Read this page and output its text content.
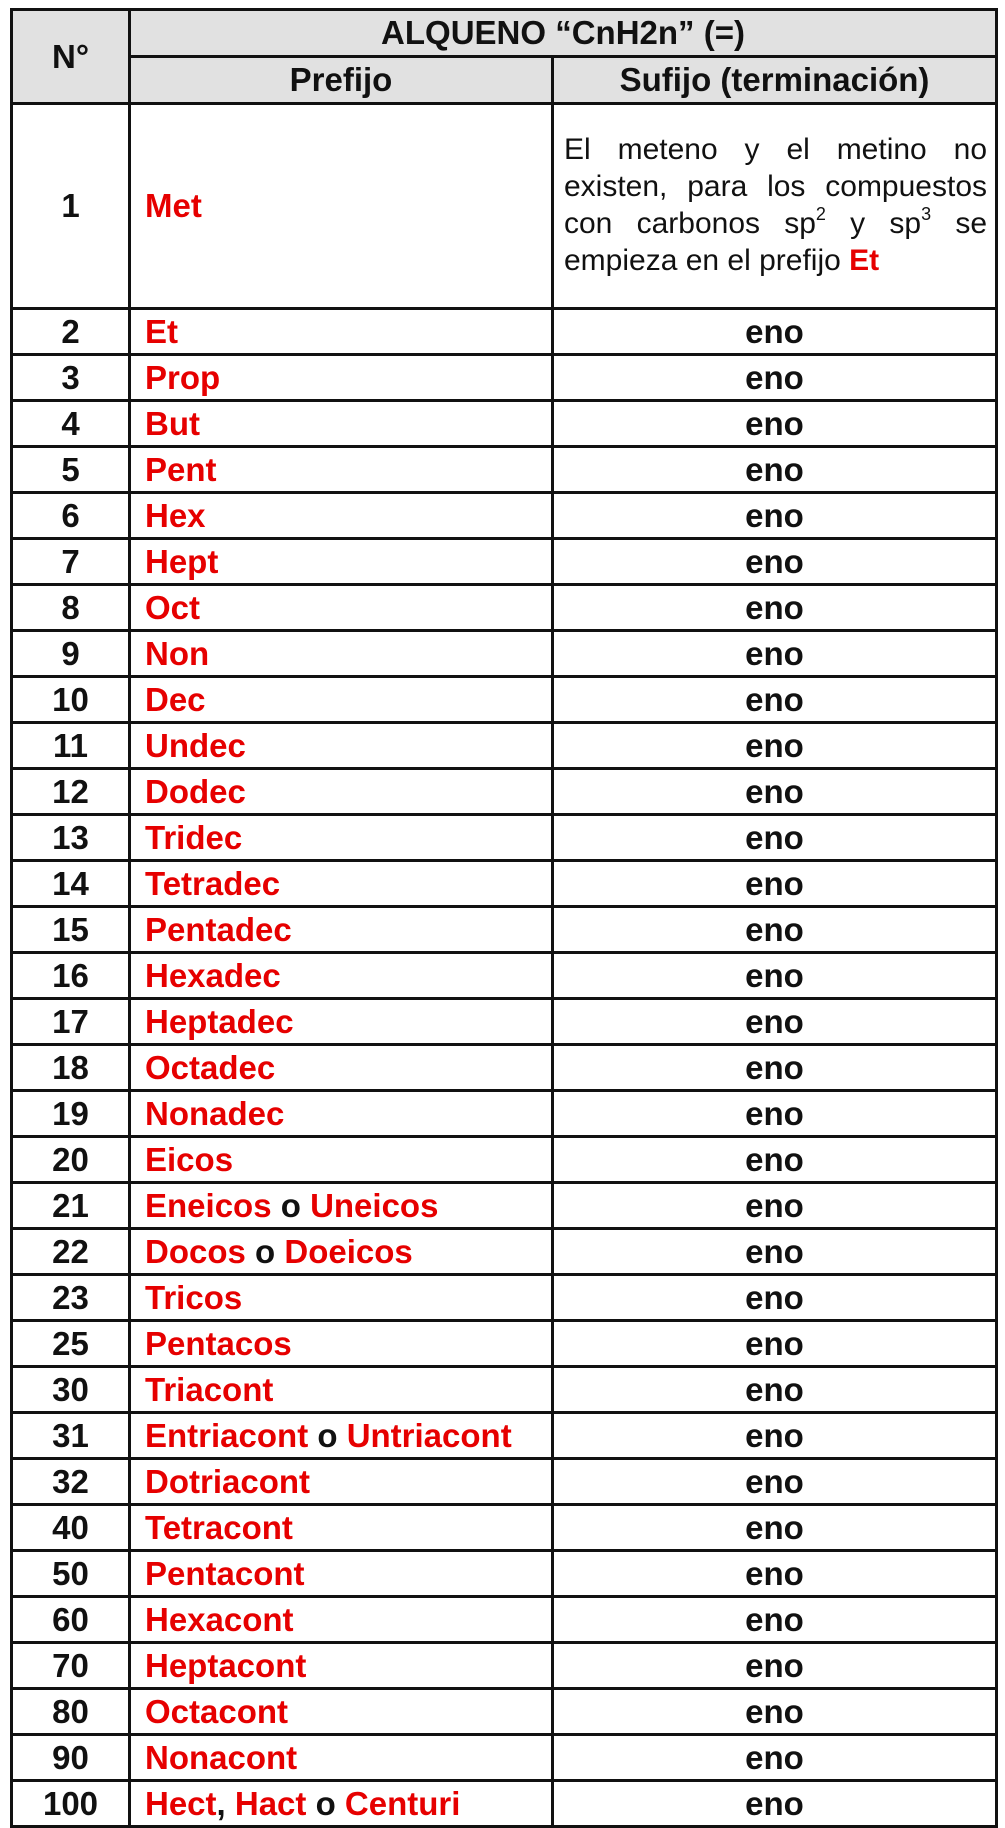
N°	ALQUENO “CnH2n” (=)	
	Prefijo	Sufijo (terminación)
1	Met	El meteno y el metino no existen, para los compuestos con carbonos $sp^2$ y $sp^3$ se empieza en el prefijo Et
2	Et	eno
3	Prop	eno
4	But	eno
5	Pent	eno
6	Hex	eno
7	Hept	eno
8	Oct	eno
9	Non	eno
10	Dec	eno
11	Undec	eno
12	Dodec	eno
13	Tridec	eno
14	Tetradec	eno
15	Pentadec	eno
16	Hexadec	eno
17	Heptadec	eno
18	Octadec	eno
19	Nonadec	eno
20	Eicos	eno
21	Eneicos o Uneicos	eno
22	Docos o Doeicos	eno
23	Tricos	eno
25	Pentacos	eno
30	Triacont	eno
31	Entriacont o Untriacont	eno
32	Dotriacont	eno
40	Tetracont	eno
50	Pentacont	eno
60	Hexacont	eno
70	Heptacont	eno
80	Octacont	eno
90	Nonacont	eno
100	Hect, Hact o Centuri	eno
